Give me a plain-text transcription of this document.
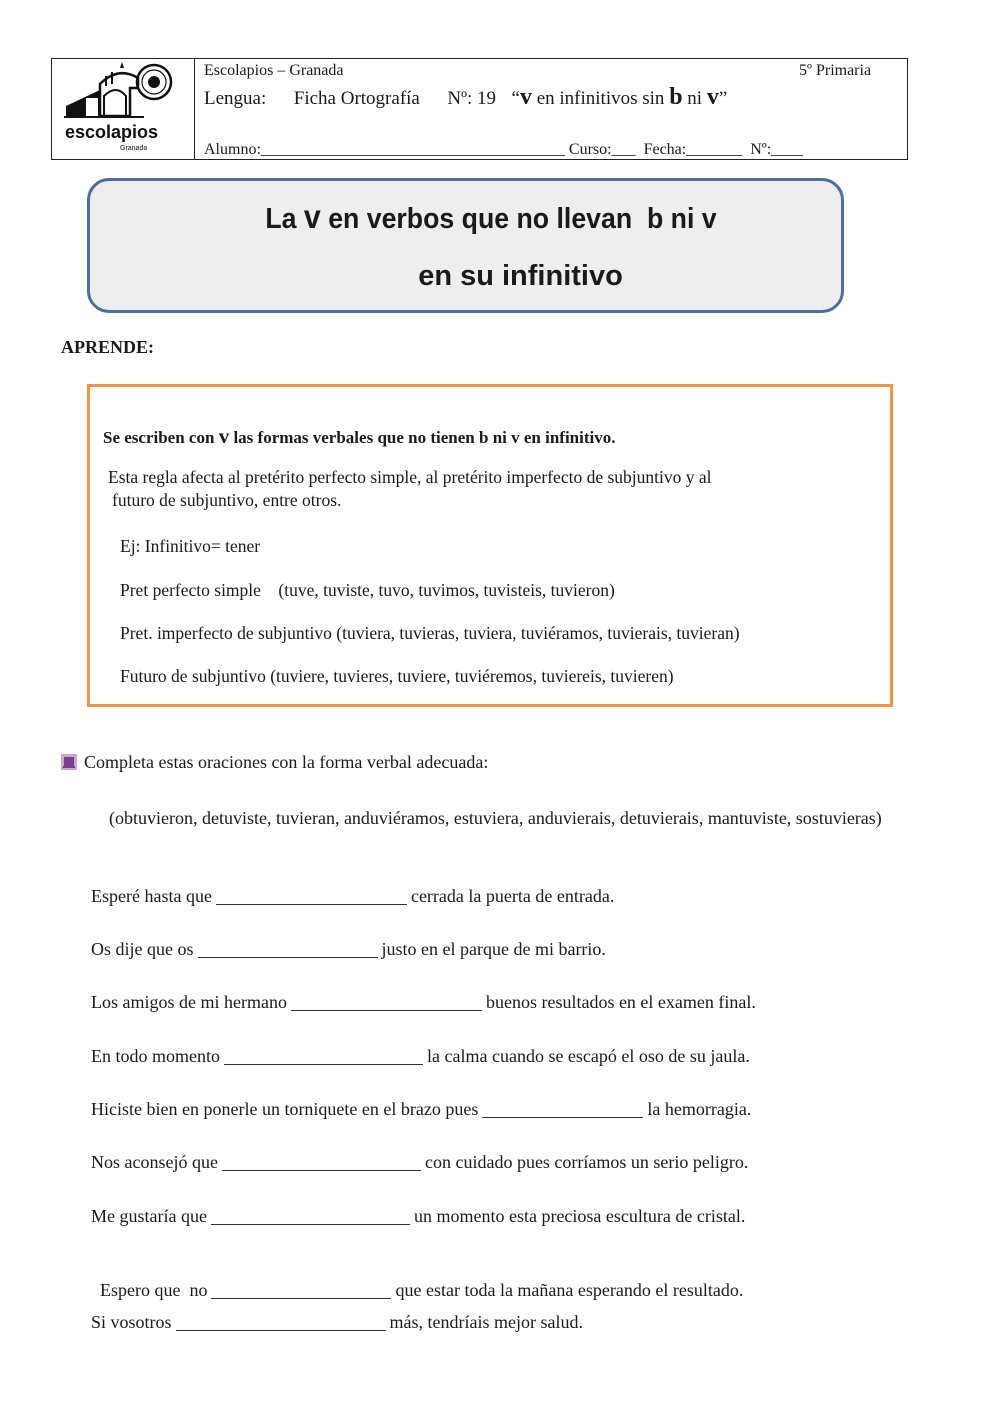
escolapios
Granada
Escolapios – Granada	5º Primaria
Lengua: Ficha Ortografía Nº: 19 “v en infinitivos sin b ni v”
Alumno:______________________________________ Curso:___ Fecha:_______ Nº:____
La v en verbos que no llevan  b ni v
en su infinitivo
APRENDE:
Se escriben con v las formas verbales que no tienen b ni v en infinitivo.
Esta regla afecta al pretérito perfecto simple, al pretérito imperfecto de subjuntivo y al
futuro de subjuntivo, entre otros.
Ej: Infinitivo= tener
Pret perfecto simple    (tuve, tuviste, tuvo, tuvimos, tuvisteis, tuvieron)
Pret. imperfecto de subjuntivo (tuviera, tuvieras, tuviera, tuviéramos, tuvierais, tuvieran)
Futuro de subjuntivo (tuviere, tuvieres, tuviere, tuviéremos, tuviereis, tuvieren)
Completa estas oraciones con la forma verbal adecuada:
(obtuvieron, detuviste, tuvieran, anduviéramos, estuviera, anduvierais, detuvierais, mantuviste, sostuvieras)
Esperé hasta que	cerrada la puerta de entrada.
Os dije que os	justo en el parque de mi barrio.
Los amigos de mi hermano	buenos resultados en el examen final.
En todo momento	la calma cuando se escapó el oso de su jaula.
Hiciste bien en ponerle un torniquete en el brazo pues	la hemorragia.
Nos aconsejó que	con cuidado pues corríamos un serio peligro.
Me gustaría que	un momento esta preciosa escultura de cristal.

Espero que  no	que estar toda la mañana esperando el resultado.

Si vosotros	más, tendríais mejor salud.
